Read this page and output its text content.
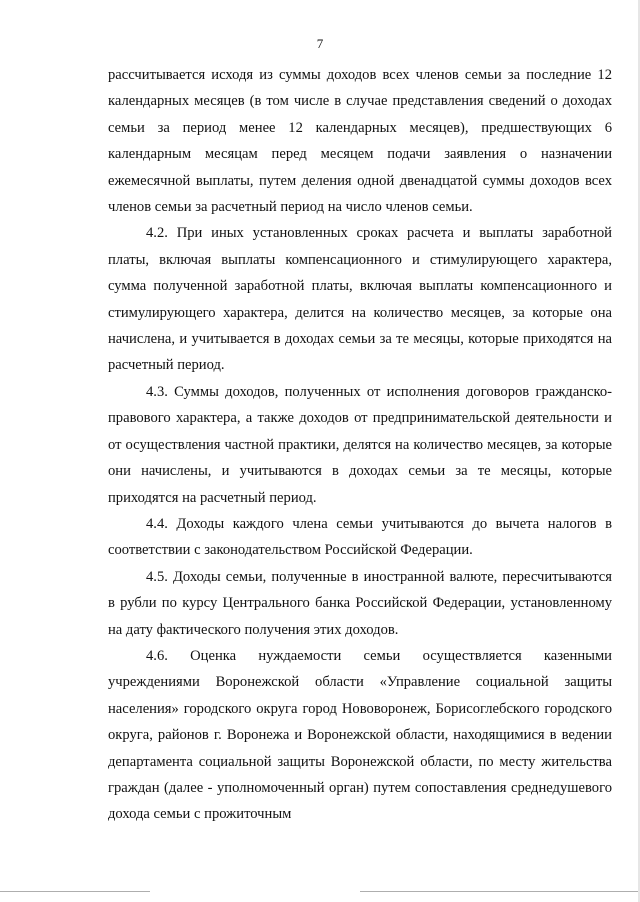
7

рассчитывается исходя из суммы доходов всех членов семьи за последние 12 календарных месяцев (в том числе в случае представления сведений о доходах семьи за период менее 12 календарных месяцев), предшествующих 6 календарным месяцам перед месяцем подачи заявления о назначении ежемесячной выплаты, путем деления одной двенадцатой суммы доходов всех членов семьи за расчетный период на число членов семьи.

4.2. При иных установленных сроках расчета и выплаты заработной платы, включая выплаты компенсационного и стимулирующего характера, сумма полученной заработной платы, включая выплаты компенсационного и стимулирующего характера, делится на количество месяцев, за которые она начислена, и учитывается в доходах семьи за те месяцы, которые приходятся на расчетный период.

4.3. Суммы доходов, полученных от исполнения договоров гражданско-правового характера, а также доходов от предпринимательской деятельности и от осуществления частной практики, делятся на количество месяцев, за которые они начислены, и учитываются в доходах семьи за те месяцы, которые приходятся на расчетный период.

4.4. Доходы каждого члена семьи учитываются до вычета налогов в соответствии с законодательством Российской Федерации.

4.5. Доходы семьи, полученные в иностранной валюте, пересчитываются в рубли по курсу Центрального банка Российской Федерации, установленному на дату фактического получения этих доходов.

4.6. Оценка нуждаемости семьи осуществляется казенными учреждениями Воронежской области «Управление социальной защиты населения» городского округа город Нововоронеж, Борисоглебского городского округа, районов г. Воронежа и Воронежской области, находящимися в ведении департамента социальной защиты Воронежской области, по месту жительства граждан (далее - уполномоченный орган) путем сопоставления среднедушевого дохода семьи с прожиточным
